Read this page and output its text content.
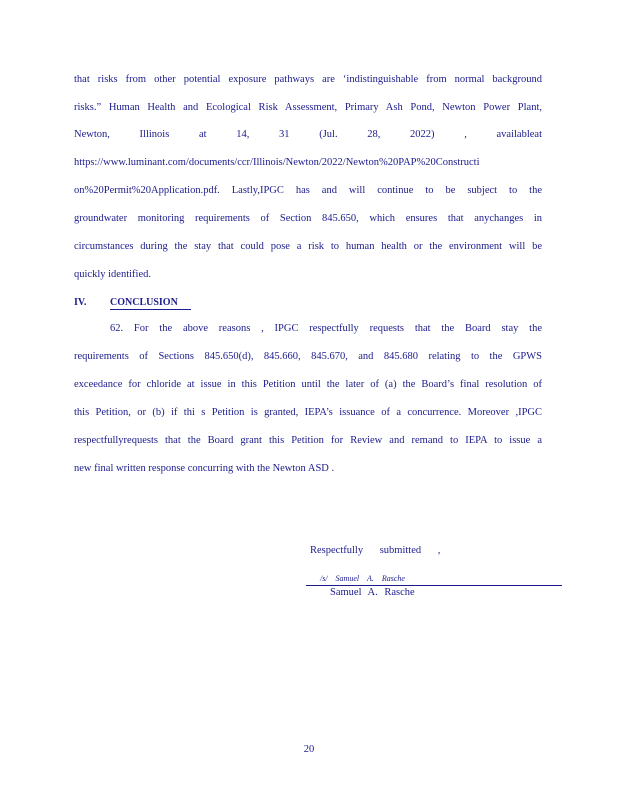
that risks from other potential exposure pathways are ‘indistinguishable from normal background
risks.” Human Health and Ecological Risk Assessment, Primary Ash Pond, Newton Power Plant,
Newton, Illinois at 14, 31 (Jul. 28, 2022) , availableat
https://www.luminant.com/documents/ccr/Illinois/Newton/2022/Newton%20PAP%20Constructi
on%20Permit%20Application.pdf. Lastly,IPGC has and will continue to be subject to the
groundwater monitoring requirements of Section 845.650, which ensures that anychanges in
circumstances during the stay that could pose a risk to human health or the environment will be
quickly identified.
IV. CONCLUSION
62. For the above reasons , IPGC respectfully requests that the Board stay the
requirements of Sections 845.650(d), 845.660, 845.670, and 845.680 relating to the GPWS
exceedance for chloride at issue in this Petition until the later of (a) the Board’s final resolution of
this Petition, or (b) if thi s Petition is granted, IEPA’s issuance of a concurrence. Moreover ,IPGC
respectfullyrequests that the Board grant this Petition for Review and remand to IEPA to issue a
new final written response concurring with the Newton ASD .
Respectfully submitted ,
/s/ Samuel A. Rasche
Samuel A. Rasche
20
